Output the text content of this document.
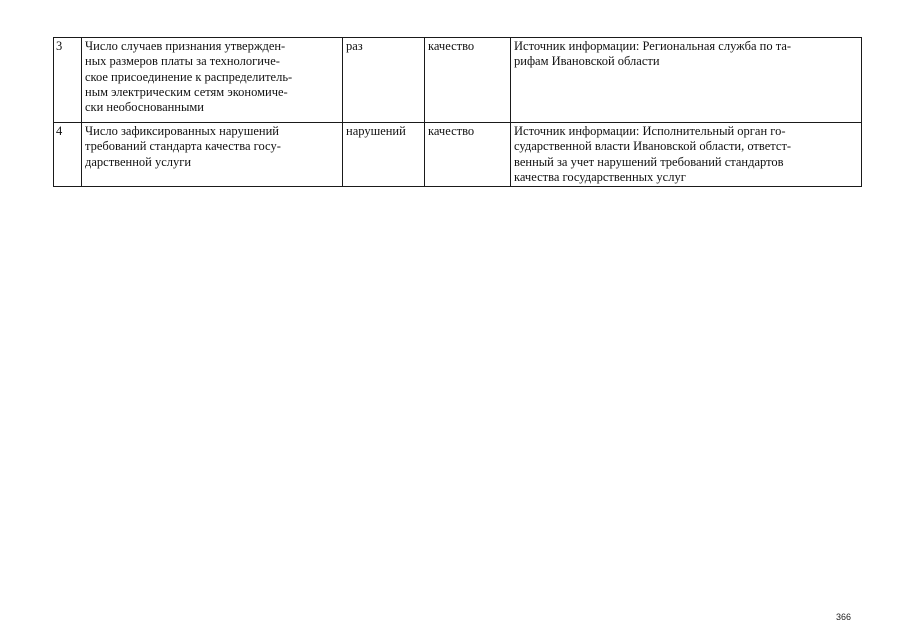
3	Число случаев признания утвержден-
ных размеров платы за технологиче-
ское присоединение к распределитель-
ным электрическим сетям экономиче-
ски необоснованными	раз	качество	Источник информации: Региональная служба по та-
рифам Ивановской области
4	Число зафиксированных нарушений
требований стандарта качества госу-
дарственной услуги	нарушений	качество	Источник информации: Исполнительный орган го-
сударственной власти Ивановской области, ответст-
венный за учет нарушений требований стандартов
качества государственных услуг
366
